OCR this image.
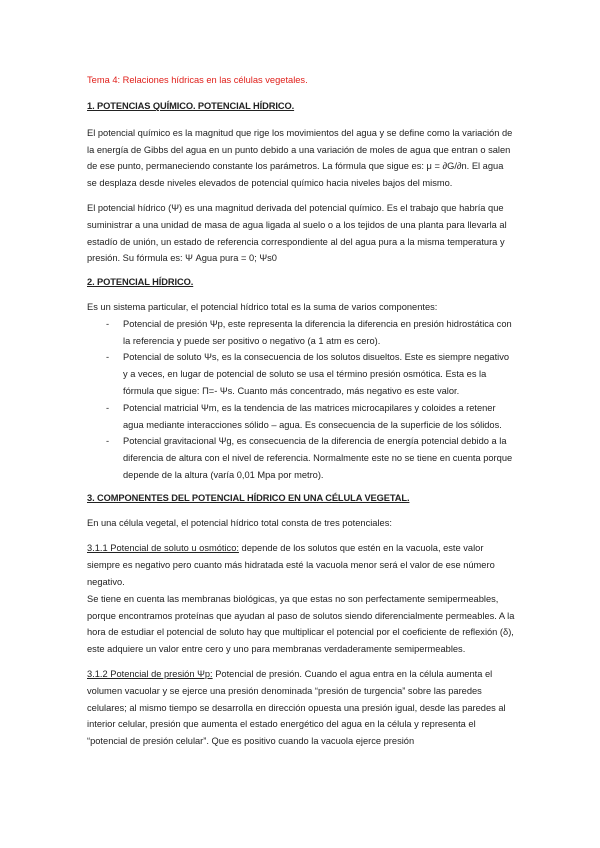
Tema 4: Relaciones hídricas en las células vegetales.

1. POTENCIAS QUÍMICO. POTENCIAL HÍDRICO.

El potencial químico es la magnitud que rige los movimientos del agua y se define como la variación de la energía de Gibbs del agua en un punto debido a una variación de moles de agua que entran o salen de ese punto, permaneciendo constante los parámetros. La fórmula que sigue es: μ = ∂G/∂n. El agua se desplaza desde niveles elevados de potencial químico hacia niveles bajos del mismo.

El potencial hídrico (Ψ) es una magnitud derivada del potencial químico. Es el trabajo que habría que suministrar a una unidad de masa de agua ligada al suelo o a los tejidos de una planta para llevarla al estadío de unión, un estado de referencia correspondiente al del agua pura a la misma temperatura y presión. Su fórmula es: Ψ Agua pura = 0; Ψs0

2. POTENCIAL HÍDRICO.

Es un sistema particular, el potencial hídrico total es la suma de varios componentes:

- Potencial de presión Ψp, este representa la diferencia la diferencia en presión hidrostática con la referencia y puede ser positivo o negativo (a 1 atm es cero).
- Potencial de soluto Ψs, es la consecuencia de los solutos disueltos. Este es siempre negativo y a veces, en lugar de potencial de soluto se usa el término presión osmótica. Esta es la fórmula que sigue: Π=- Ψs. Cuanto más concentrado, más negativo es este valor.
- Potencial matricial Ψm, es la tendencia de las matrices microcapilares y coloides a retener agua mediante interacciones sólido – agua. Es consecuencia de la superficie de los sólidos.
- Potencial gravitacional Ψg, es consecuencia de la diferencia de energía potencial debido a la diferencia de altura con el nivel de referencia. Normalmente este no se tiene en cuenta porque depende de la altura (varía 0,01 Mpa por metro).

3. COMPONENTES DEL POTENCIAL HÍDRICO EN UNA CÉLULA VEGETAL.

En una célula vegetal, el potencial hídrico total consta de tres potenciales:

3.1.1 Potencial de soluto u osmótico: depende de los solutos que estén en la vacuola, este valor siempre es negativo pero cuanto más hidratada esté la vacuola menor será el valor de ese número negativo.

Se tiene en cuenta las membranas biológicas, ya que estas no son perfectamente semipermeables, porque encontramos proteínas que ayudan al paso de solutos siendo diferencialmente permeables. A la hora de estudiar el potencial de soluto hay que multiplicar el potencial por el coeficiente de reflexión (δ), este adquiere un valor entre cero y uno para membranas verdaderamente semipermeables.

3.1.2 Potencial de presión Ψp: Potencial de presión. Cuando el agua entra en la célula aumenta el volumen vacuolar y se ejerce una presión denominada “presión de turgencia” sobre las paredes celulares; al mismo tiempo se desarrolla en dirección opuesta una presión igual, desde las paredes al interior celular, presión que aumenta el estado energético del agua en la célula y representa el “potencial de presión celular”. Que es positivo cuando la vacuola ejerce presión
